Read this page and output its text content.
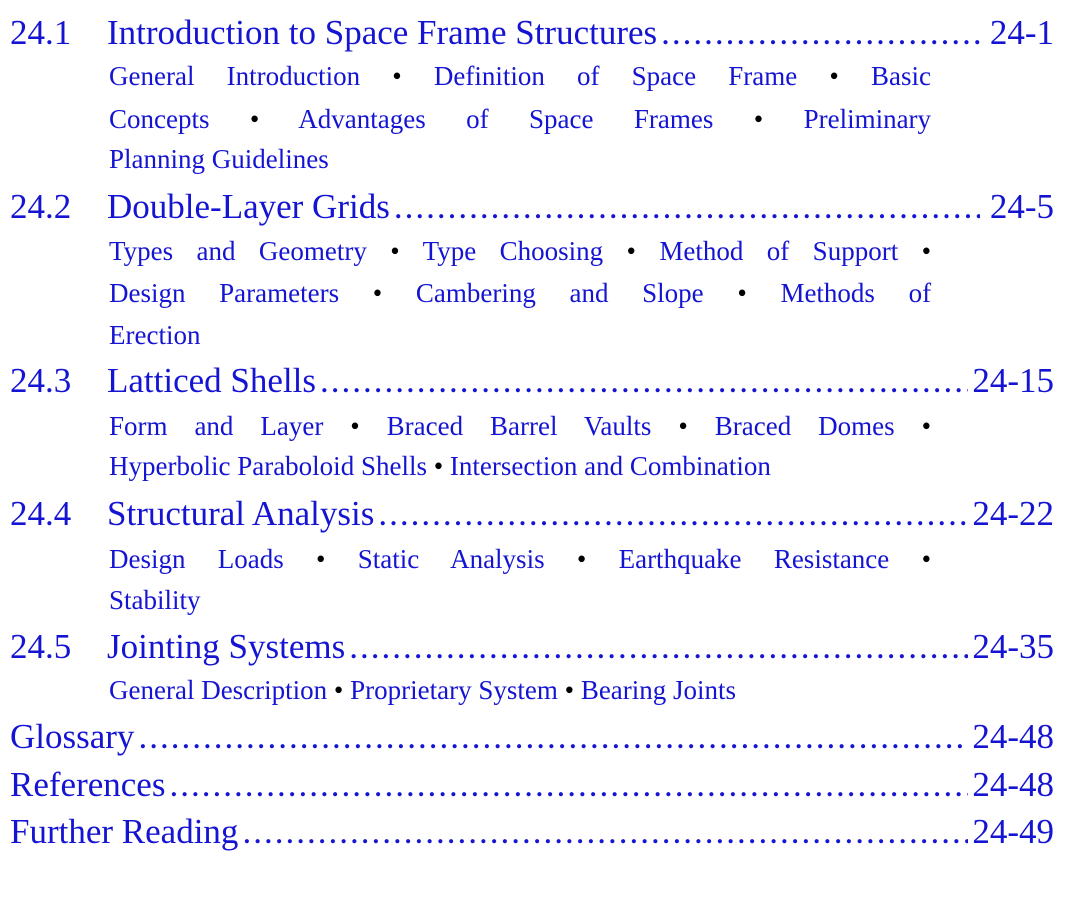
24.1	Introduction to Space Frame Structures .....	24-1
General Introduction • Definition of Space Frame • Basic
Concepts • Advantages of Space Frames • Preliminary
Planning Guidelines
24.2	Double-Layer Grids .....	24-5
Types and Geometry • Type Choosing • Method of Support •
Design Parameters • Cambering and Slope • Methods of
Erection
24.3	Latticed Shells .....	24-15
Form and Layer • Braced Barrel Vaults • Braced Domes •
Hyperbolic Paraboloid Shells • Intersection and Combination
24.4	Structural Analysis .....	24-22
Design Loads • Static Analysis • Earthquake Resistance •
Stability
24.5	Jointing Systems .....	24-35
General Description • Proprietary System • Bearing Joints
Glossary .....	24-48
References .....	24-48
Further Reading .....	24-49
